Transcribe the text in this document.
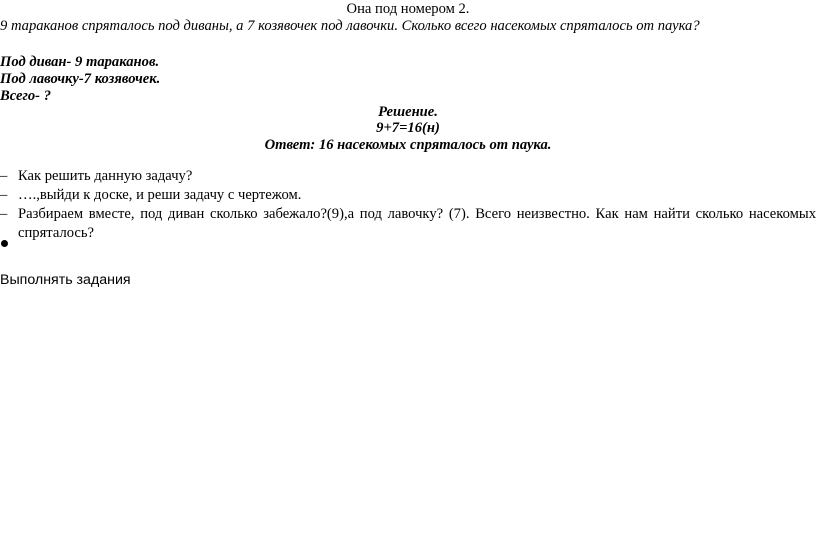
Она под номером 2.
9 тараканов спряталось под диваны, а 7 козявочек под лавочки. Сколько всего насекомых спряталось от паука?
Под диван- 9 тараканов.
Под лавочку-7 козявочек.
Всего- ?
Решение.
9+7=16(н)
Ответ: 16 насекомых спряталось от паука.
– Как решить данную задачу?
– ….,выйди к доске, и реши задачу с чертежом.
– Разбираем вместе, под диван сколько забежало?(9),а под лавочку? (7). Всего неизвестно. Как нам найти сколько насекомых спряталось?
Выполнять задания
